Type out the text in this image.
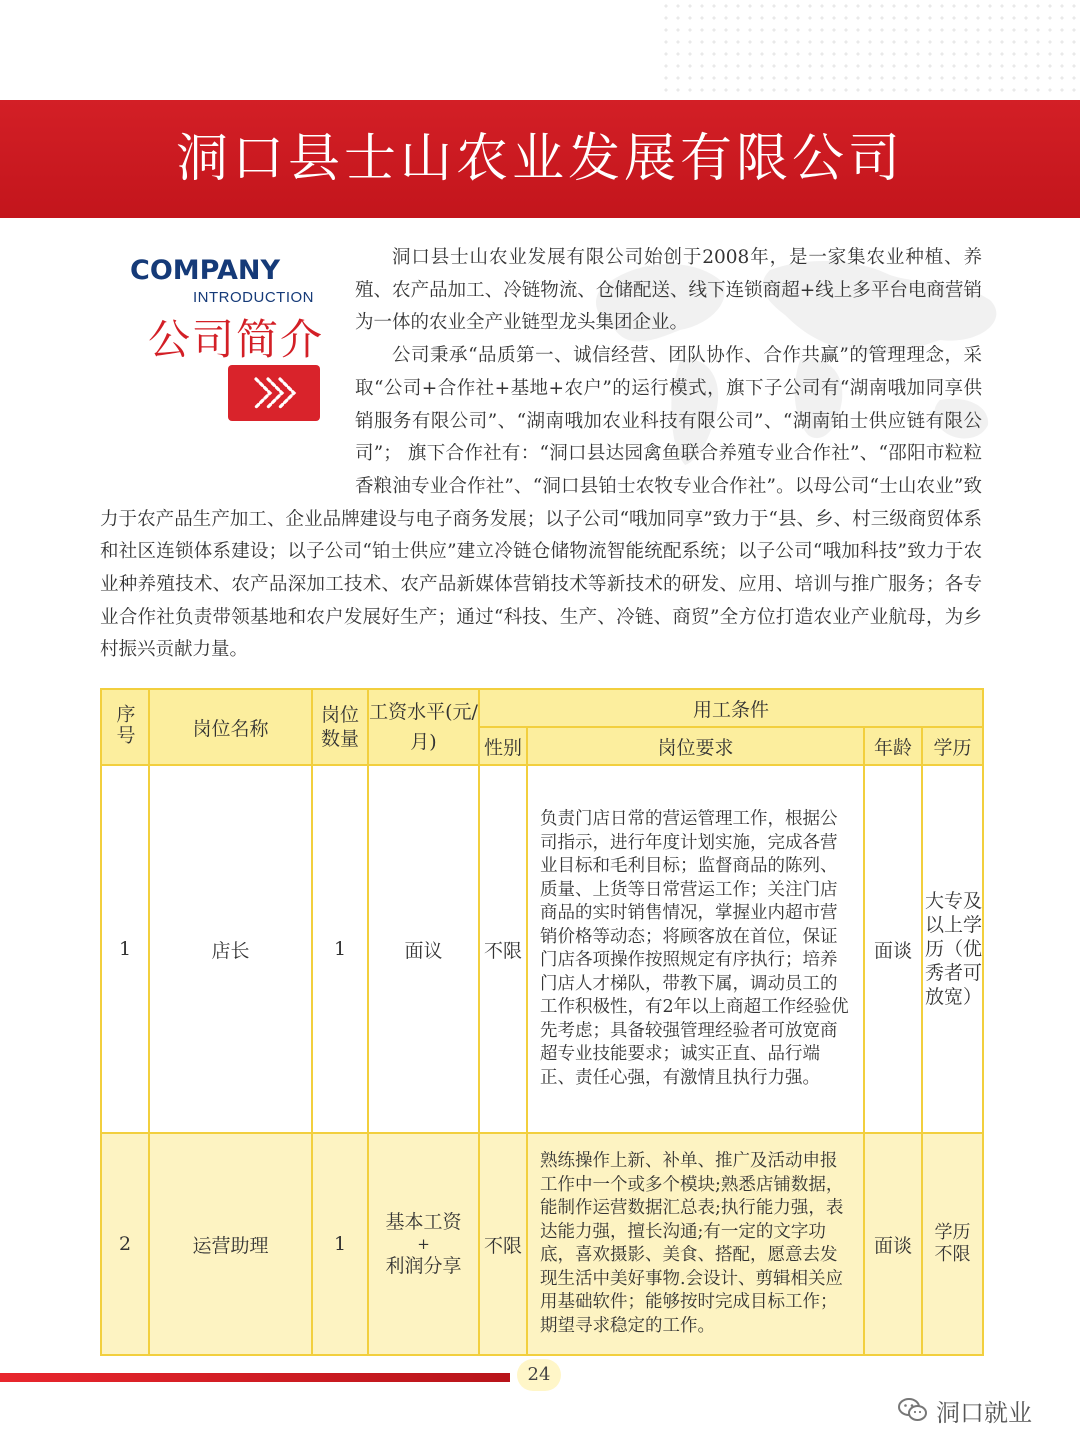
洞口县士山农业发展有限公司
COMPANY
INTRODUCTION
公司简介

洞口县士山农业发展有限公司始创于2008年，是一家集农业种植、养殖、农产品加工、冷链物流、仓储配送、线下连锁商超+线上多平台电商营销为一体的农业全产业链型龙头集团企业。

公司秉承“品质第一、诚信经营、团队协作、合作共赢”的管理理念，采取“公司+合作社+基地+农户”的运行模式，旗下子公司有“湖南哦加同享供销服务有限公司”、“湖南哦加农业科技有限公司”、“湖南铂士供应链有限公司”； 旗下合作社有：“洞口县达园禽鱼联合养殖专业合作社”、“邵阳市粒粒香粮油专业合作社”、“洞口县铂士农牧专业合作社”。以母公司“士山农业”致力于农产品生产加工、企业品牌建设与电子商务发展；以子公司“哦加同享”致力于“县、乡、村三级商贸体系和社区连锁体系建设；以子公司“铂士供应”建立冷链仓储物流智能统配系统；以子公司“哦加科技”致力于农业种养殖技术、农产品深加工技术、农产品新媒体营销技术等新技术的研发、应用、培训与推广服务；各专业合作社负责带领基地和农户发展好生产；通过“科技、生产、冷链、商贸”全方位打造农业产业航母，为乡村振兴贡献力量。

序号	岗位名称	岗位数量	工资水平(元/月)	用工条件			
				性别	岗位要求	年龄	学历
1	店长	1	面议	不限	负责门店日常的营运管理工作，根据公司指示，进行年度计划实施，完成各营业目标和毛利目标；监督商品的陈列、质量、上货等日常营运工作；关注门店商品的实时销售情况，掌握业内超市营销价格等动态；将顾客放在首位，保证门店各项操作按照规定有序执行；培养门店人才梯队，带教下属，调动员工的工作积极性，有2年以上商超工作经验优先考虑；具备较强管理经验者可放宽商超专业技能要求；诚实正直、品行端正、责任心强，有激情且执行力强。	面谈	大专及以上学历（优秀者可放宽）
2	运营助理	1	基本工资
+
利润分享	不限	熟练操作上新、补单、推广及活动申报工作中一个或多个模块;熟悉店铺数据，能制作运营数据汇总表;执行能力强，表达能力强，擅长沟通;有一定的文字功底，喜欢摄影、美食、搭配，愿意去发现生活中美好事物.会设计、剪辑相关应用基础软件；能够按时完成目标工作；期望寻求稳定的工作。	面谈	学历不限
24
洞口就业
